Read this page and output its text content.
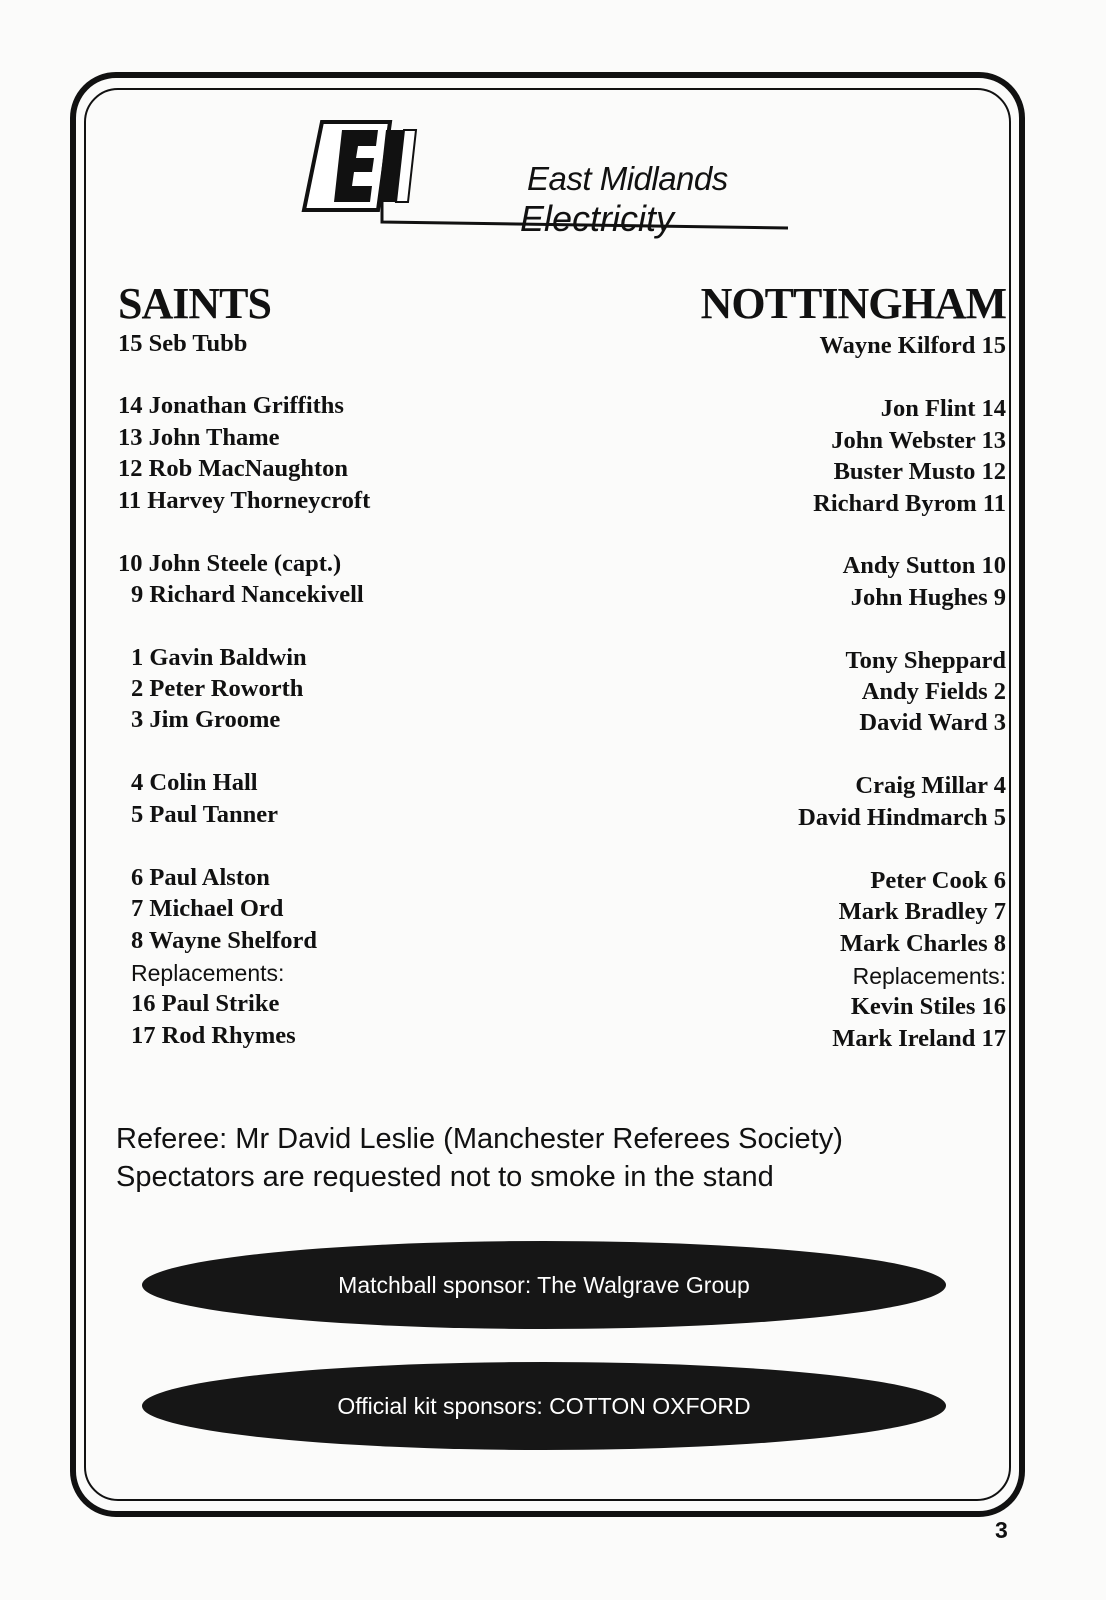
East Midlands
Electricity
SAINTS	NOTTINGHAM
15 Seb Tubb
14 Jonathan Griffiths
13 John Thame
12 Rob MacNaughton
11 Harvey Thorneycroft
10 John Steele (capt.)
9 Richard Nancekivell
1 Gavin Baldwin
2 Peter Roworth
3 Jim Groome
4 Colin Hall
5 Paul Tanner
6 Paul Alston
7 Michael Ord
8 Wayne Shelford
Replacements:
16 Paul Strike
17 Rod Rhymes
Wayne Kilford 15
Jon Flint 14
John Webster 13
Buster Musto 12
Richard Byrom 11
Andy Sutton 10
John Hughes 9
Tony Sheppard
Andy Fields 2
David Ward 3
Craig Millar 4
David Hindmarch 5
Peter Cook 6
Mark Bradley 7
Mark Charles 8
Replacements:
Kevin Stiles 16
Mark Ireland 17
Referee: Mr David Leslie (Manchester Referees Society)
Spectators are requested not to smoke in the stand
Matchball sponsor: The Walgrave Group
Official kit sponsors: COTTON OXFORD
3
